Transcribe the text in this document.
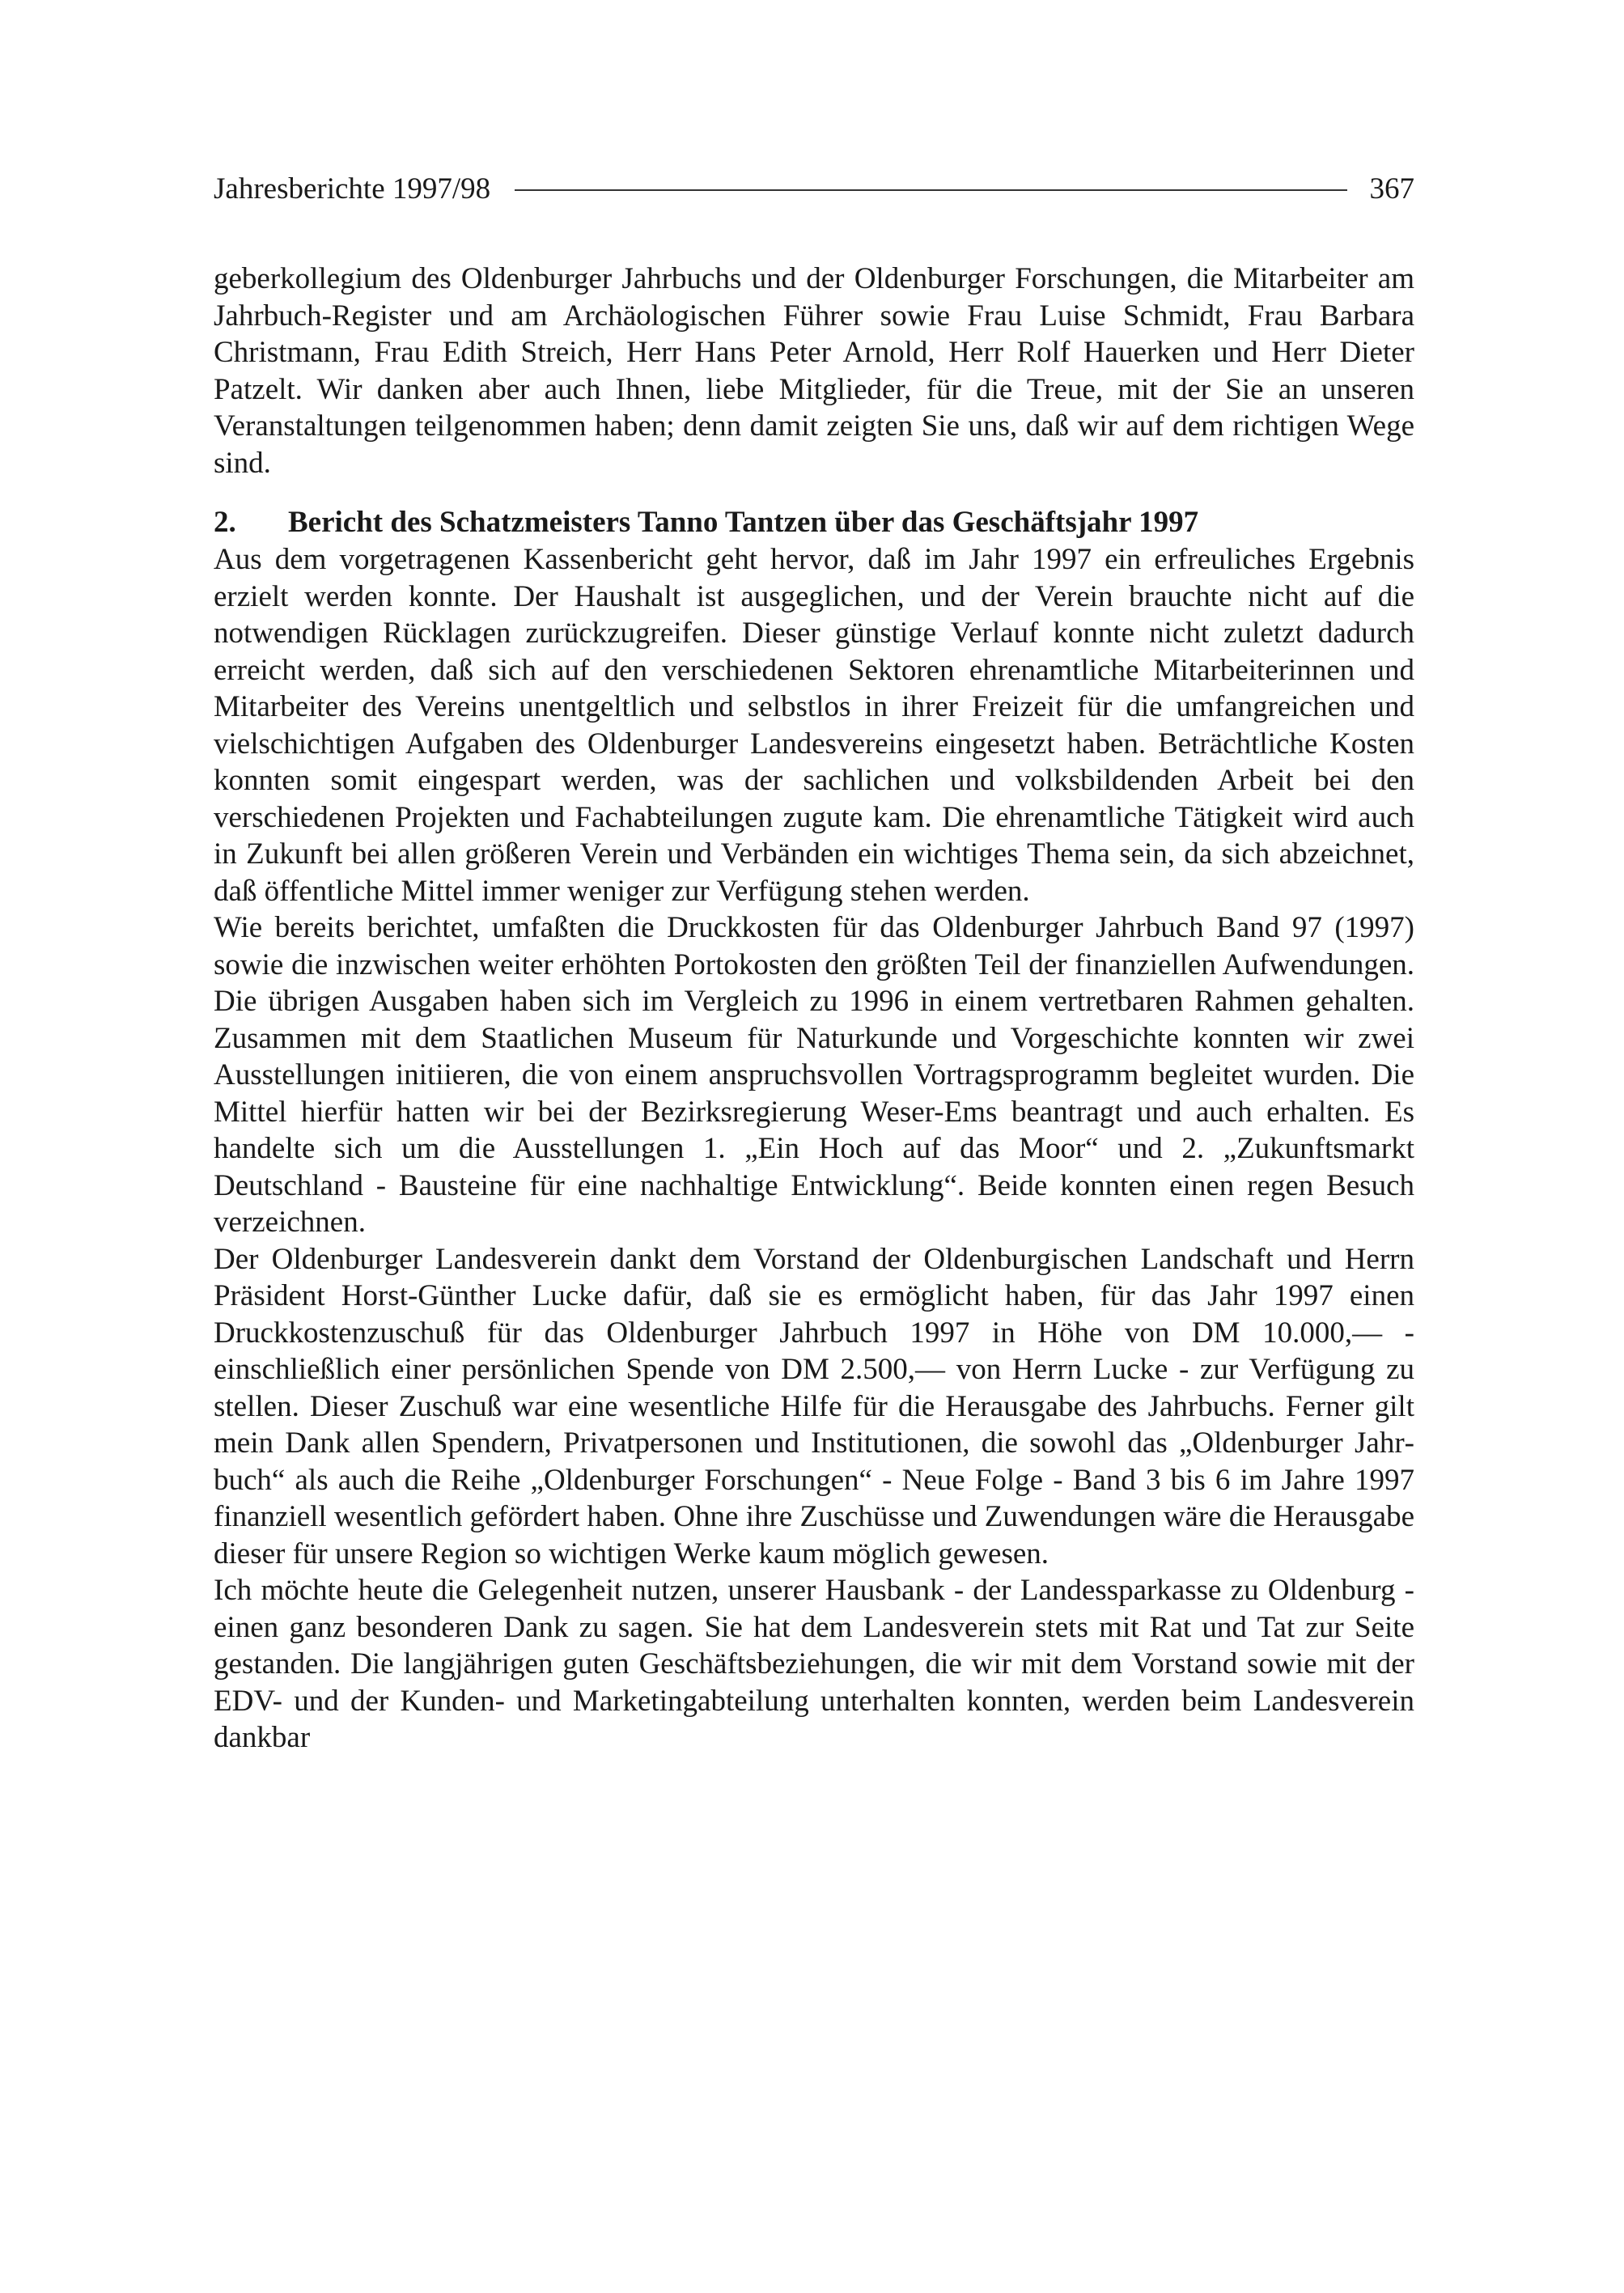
Jahresberichte 1997/98	367

geberkollegium des Oldenburger Jahrbuchs und der Oldenburger Forschungen, die Mitarbeiter am Jahrbuch-Register und am Archäologischen Führer sowie Frau Luise Schmidt, Frau Barbara Christmann, Frau Edith Streich, Herr Hans Peter Arnold, Herr Rolf Hauerken und Herr Dieter Patzelt. Wir danken aber auch Ihnen, liebe Mitglieder, für die Treue, mit der Sie an unseren Veranstaltungen teilgenommen haben; denn damit zeigten Sie uns, daß wir auf dem richtigen Wege sind.

2.	Bericht des Schatzmeisters Tanno Tantzen über das Geschäftsjahr 1997

Aus dem vorgetragenen Kassenbericht geht hervor, daß im Jahr 1997 ein erfreuliches Ergebnis erzielt werden konnte. Der Haushalt ist ausgeglichen, und der Verein brauchte nicht auf die notwendigen Rücklagen zurückzugreifen. Dieser günstige Verlauf konnte nicht zuletzt dadurch erreicht werden, daß sich auf den verschiedenen Sektoren ehrenamtliche Mitarbeiterinnen und Mitarbeiter des Vereins unentgeltlich und selbstlos in ihrer Freizeit für die umfangreichen und vielschichtigen Aufgaben des Oldenburger Landesvereins eingesetzt haben. Beträchtliche Kosten konnten somit eingespart werden, was der sachlichen und volksbildenden Arbeit bei den verschiedenen Projekten und Fachabteilungen zugute kam. Die ehrenamtliche Tätigkeit wird auch in Zukunft bei allen größeren Verein und Verbänden ein wichtiges Thema sein, da sich abzeichnet, daß öffentliche Mittel immer weniger zur Verfügung stehen werden.

Wie bereits berichtet, umfaßten die Druckkosten für das Oldenburger Jahrbuch Band 97 (1997) sowie die inzwischen weiter erhöhten Portokosten den größten Teil der finanziellen Aufwendungen. Die übrigen Ausgaben haben sich im Vergleich zu 1996 in einem vertretbaren Rahmen gehalten. Zusammen mit dem Staatlichen Museum für Naturkunde und Vorgeschichte konnten wir zwei Ausstellungen initiieren, die von einem anspruchsvollen Vortragsprogramm begleitet wurden. Die Mittel hierfür hatten wir bei der Bezirksregierung Weser-Ems beantragt und auch erhalten. Es handelte sich um die Ausstellungen 1. „Ein Hoch auf das Moor“ und 2. „Zukunftsmarkt Deutschland - Bausteine für eine nachhaltige Entwicklung“. Beide konnten einen regen Besuch verzeichnen.

Der Oldenburger Landesverein dankt dem Vorstand der Oldenburgischen Landschaft und Herrn Präsident Horst-Günther Lucke dafür, daß sie es ermöglicht haben, für das Jahr 1997 einen Druckkostenzuschuß für das Oldenburger Jahrbuch 1997 in Höhe von DM 10.000,— - einschließlich einer persönlichen Spende von DM 2.500,— von Herrn Lucke - zur Verfügung zu stellen. Dieser Zuschuß war eine wesentliche Hilfe für die Herausgabe des Jahrbuchs. Ferner gilt mein Dank allen Spendern, Privatpersonen und Institutionen, die sowohl das „Oldenburger Jahrbuch“ als auch die Reihe „Oldenburger Forschungen“ - Neue Folge - Band 3 bis 6 im Jahre 1997 finanziell wesentlich gefördert haben. Ohne ihre Zuschüsse und Zuwendungen wäre die Herausgabe dieser für unsere Region so wichtigen Werke kaum möglich gewesen.

Ich möchte heute die Gelegenheit nutzen, unserer Hausbank - der Landessparkasse zu Oldenburg - einen ganz besonderen Dank zu sagen. Sie hat dem Landesverein stets mit Rat und Tat zur Seite gestanden. Die langjährigen guten Geschäftsbeziehungen, die wir mit dem Vorstand sowie mit der EDV- und der Kunden- und Marketingabteilung unterhalten konnten, werden beim Landesverein dankbar
